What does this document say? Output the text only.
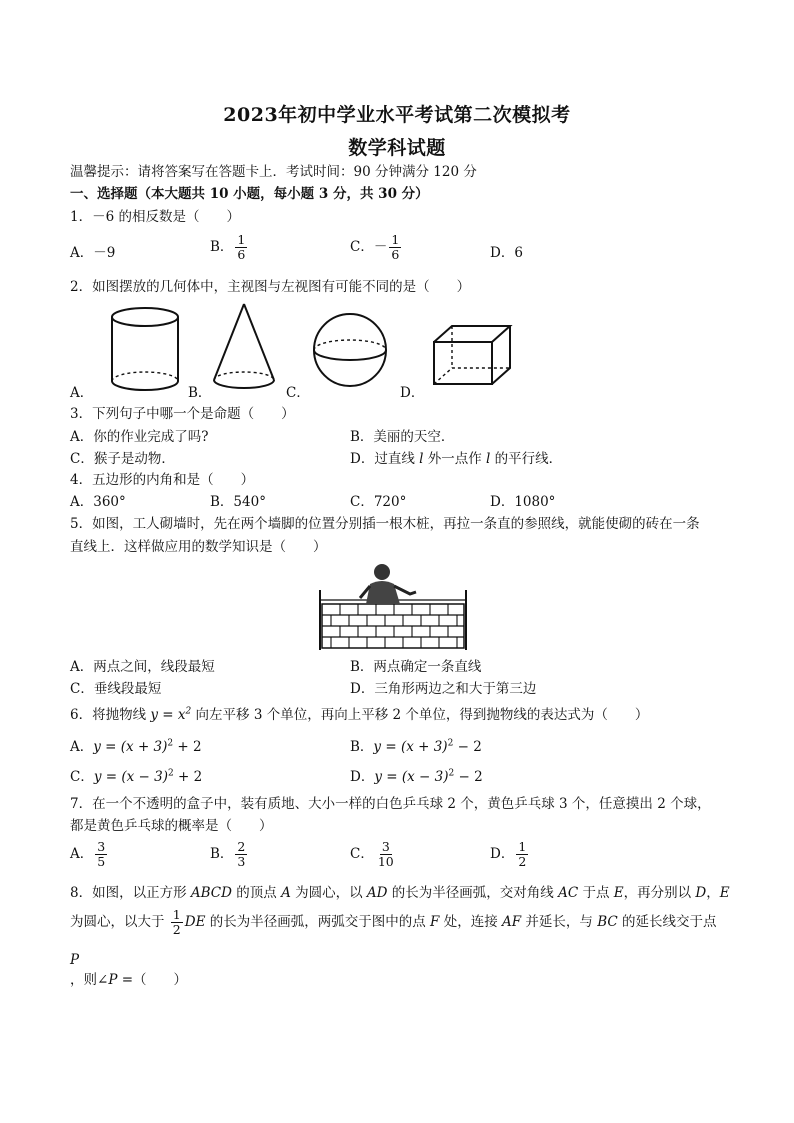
2023年初中学业水平考试第二次模拟考
数学科试题
温馨提示：请将答案写在答题卡上．考试时间：90 分钟满分 120 分
一、选择题（本大题共 10 小题，每小题 3 分，共 30 分）
1．－6 的相反数是（　　）
A．－9	B． $\frac{1}{6}$	C．－ $\frac{1}{6}$	D．6
2．如图摆放的几何体中，主视图与左视图有可能不同的是（　　）
A．	B．	C．	D．
3．下列句子中哪一个是命题（　　）
A．你的作业完成了吗?	B．美丽的天空．
C．猴子是动物．	D．过直线 l 外一点作 l 的平行线．
4．五边形的内角和是（　　）
A．360°	B．540°	C．720°	D．1080°
5．如图，工人砌墙时，先在两个墙脚的位置分别插一根木桩，再拉一条直的参照线，就能使砌的砖在一条
直线上．这样做应用的数学知识是（　　）
A．两点之间，线段最短	B．两点确定一条直线
C．垂线段最短	D．三角形两边之和大于第三边
6．将抛物线 $y = x^2$ 向左平移 3 个单位，再向上平移 2 个单位，得到抛物线的表达式为（　　）
A．$y = (x + 3)^2 + 2$	B．$y = (x + 3)^2 - 2$
C．$y = (x - 3)^2 + 2$	D．$y = (x - 3)^2 - 2$
7．在一个不透明的盒子中，装有质地、大小一样的白色乒乓球 2 个，黄色乒乓球 3 个，任意摸出 2 个球，
都是黄色乒乓球的概率是（　　）
A． $\frac{3}{5}$	B． $\frac{2}{3}$	C． $\frac{3}{10}$	D． $\frac{1}{2}$
8．如图，以正方形 ABCD 的顶点 A 为圆心，以 AD 的长为半径画弧，交对角线 AC 于点 E，再分别以 D，E
为圆心，以大于 $\frac{1}{2}$ DE 的长为半径画弧，两弧交于图中的点 F 处，连接 AF 并延长，与 BC 的延长线交于点
P
，则∠P =（　　）
